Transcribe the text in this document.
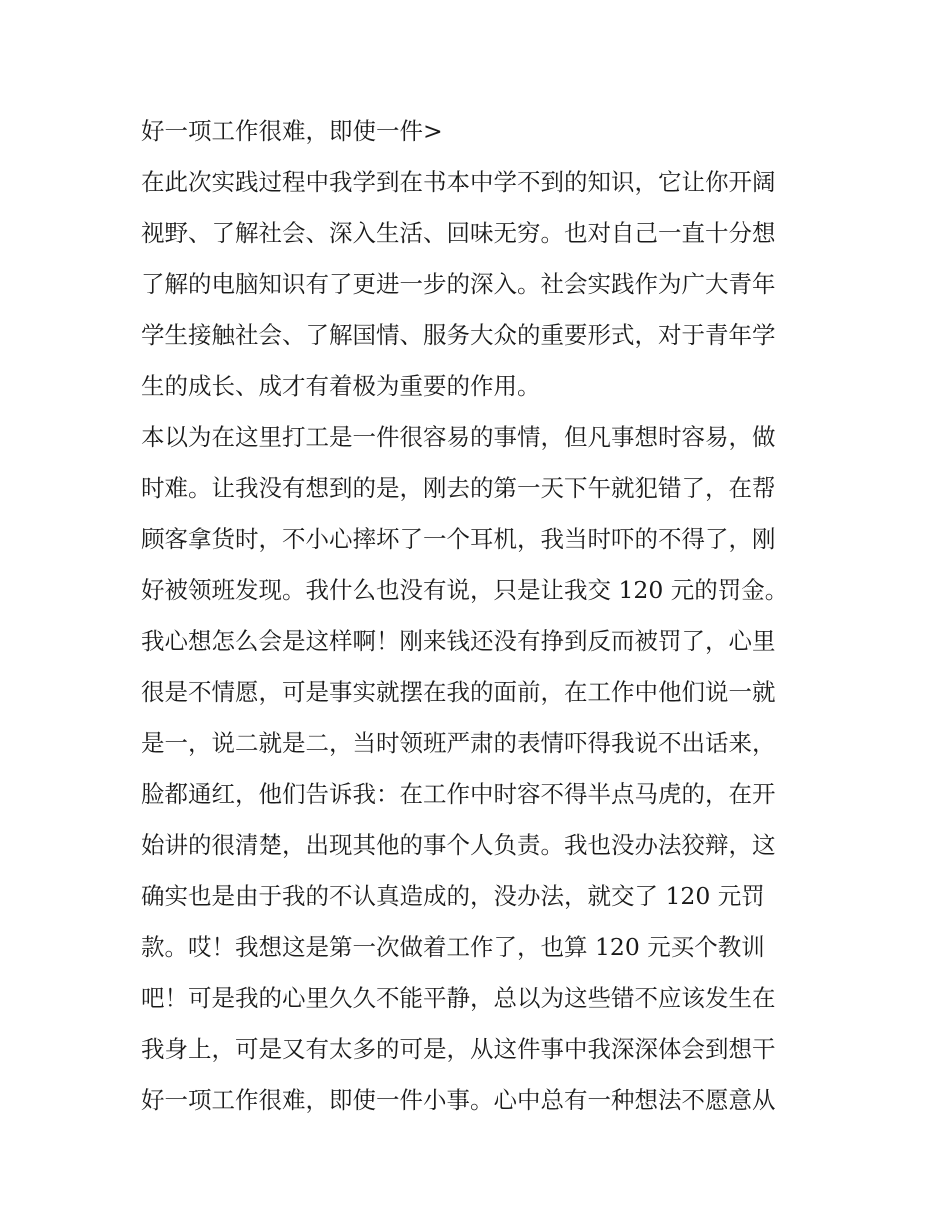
好一项工作很难，即使一件>
在此次实践过程中我学到在书本中学不到的知识，它让你开阔
视野、了解社会、深入生活、回味无穷。也对自己一直十分想
了解的电脑知识有了更进一步的深入。社会实践作为广大青年
学生接触社会、了解国情、服务大众的重要形式，对于青年学
生的成长、成才有着极为重要的作用。
本以为在这里打工是一件很容易的事情，但凡事想时容易，做
时难。让我没有想到的是，刚去的第一天下午就犯错了，在帮
顾客拿货时，不小心摔坏了一个耳机，我当时吓的不得了，刚
好被领班发现。我什么也没有说，只是让我交 120 元的罚金。
我心想怎么会是这样啊！刚来钱还没有挣到反而被罚了，心里
很是不情愿，可是事实就摆在我的面前，在工作中他们说一就
是一，说二就是二，当时领班严肃的表情吓得我说不出话来，
脸都通红，他们告诉我：在工作中时容不得半点马虎的，在开
始讲的很清楚，出现其他的事个人负责。我也没办法狡辩，这
确实也是由于我的不认真造成的，没办法，就交了 120 元罚
款。哎！我想这是第一次做着工作了，也算 120 元买个教训
吧！可是我的心里久久不能平静，总以为这些错不应该发生在
我身上，可是又有太多的可是，从这件事中我深深体会到想干
好一项工作很难，即使一件小事。心中总有一种想法不愿意从
